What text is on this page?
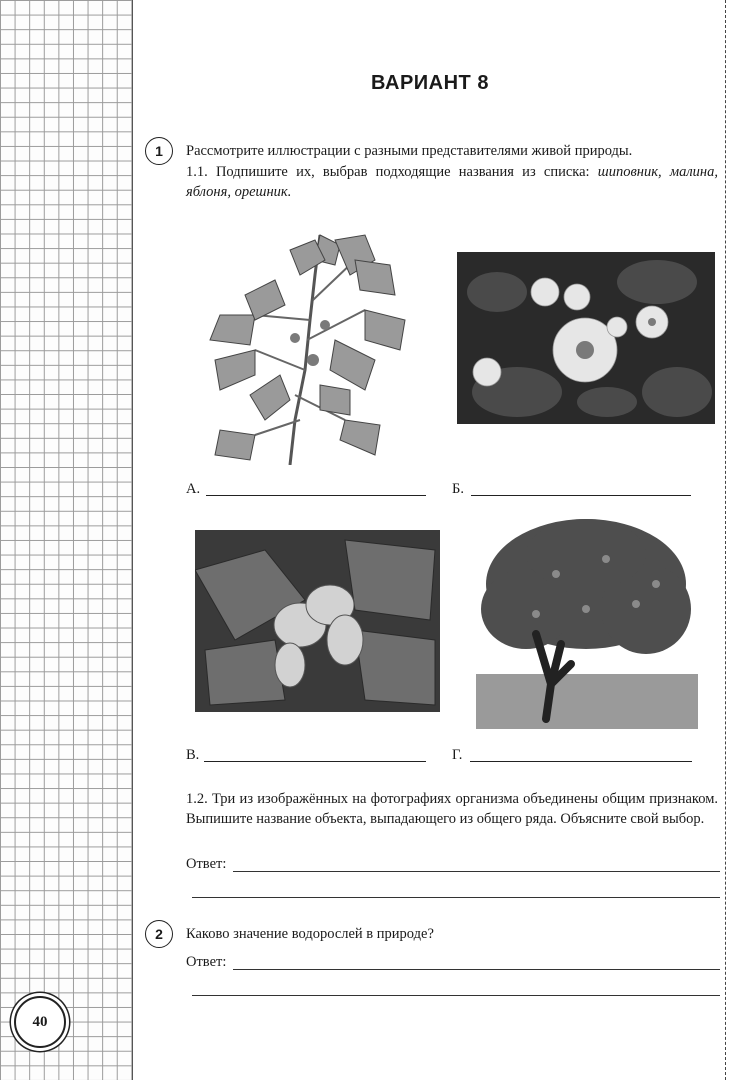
40
ВАРИАНТ 8
1 Рассмотрите иллюстрации с разными представителями живой природы.
1.1. Подпишите их, выбрав подходящие названия из списка: шиповник, малина, яблоня, орешник.
А.	Б.
В.	Г.
1.2. Три из изображённых на фотографиях организма объединены общим признаком. Выпишите название объекта, выпадающего из общего ряда. Объясните свой выбор.
Ответ:
2 Каково значение водорослей в природе?
Ответ:
